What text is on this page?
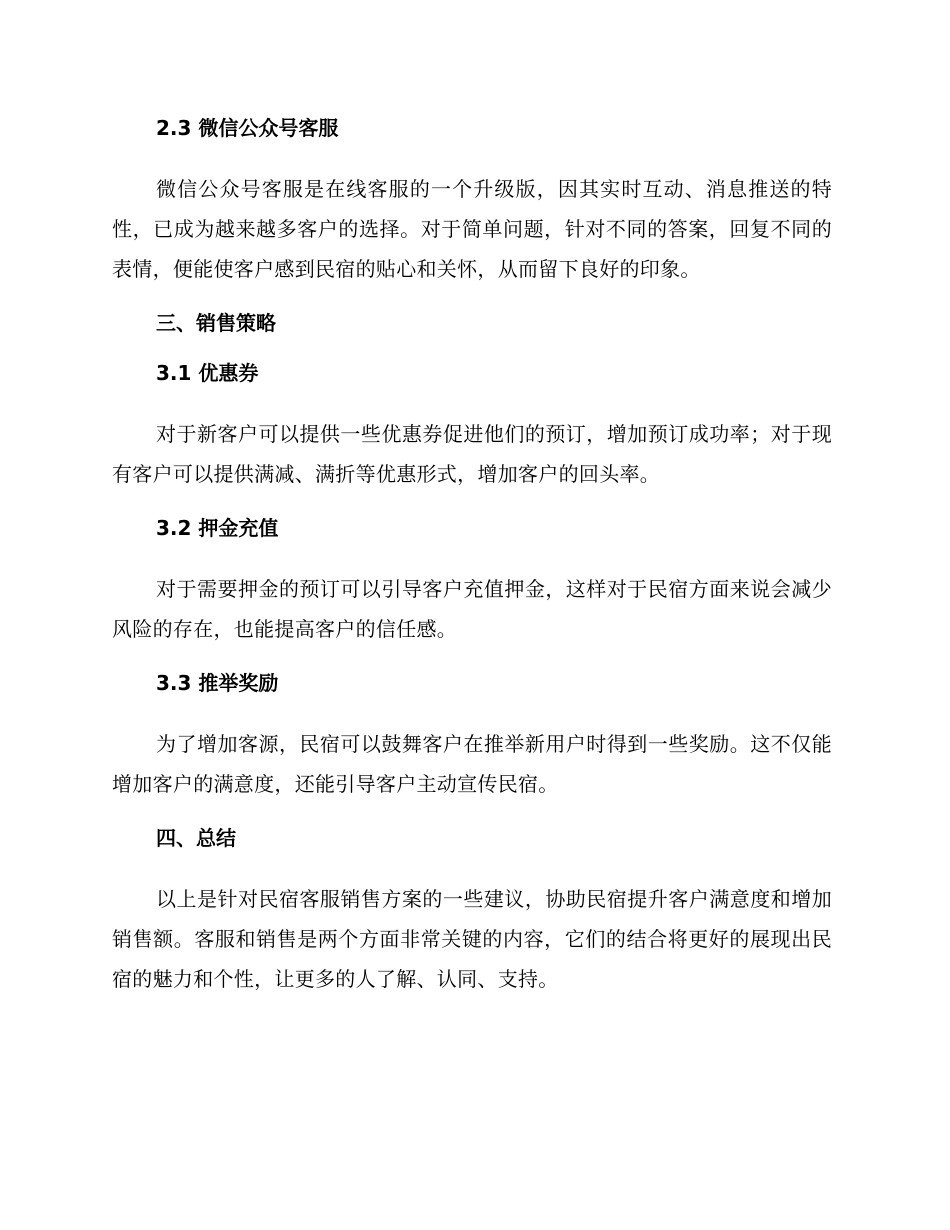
2.3 微信公众号客服

微信公众号客服是在线客服的一个升级版，因其实时互动、消息推送的特性，已成为越来越多客户的选择。对于简单问题，针对不同的答案，回复不同的表情，便能使客户感到民宿的贴心和关怀，从而留下良好的印象。

三、销售策略
3.1 优惠券

对于新客户可以提供一些优惠券促进他们的预订，增加预订成功率；对于现有客户可以提供满减、满折等优惠形式，增加客户的回头率。

3.2 押金充值

对于需要押金的预订可以引导客户充值押金，这样对于民宿方面来说会减少风险的存在，也能提高客户的信任感。

3.3 推举奖励

为了增加客源，民宿可以鼓舞客户在推举新用户时得到一些奖励。这不仅能增加客户的满意度，还能引导客户主动宣传民宿。

四、总结

以上是针对民宿客服销售方案的一些建议，协助民宿提升客户满意度和增加销售额。客服和销售是两个方面非常关键的内容，它们的结合将更好的展现出民宿的魅力和个性，让更多的人了解、认同、支持。
